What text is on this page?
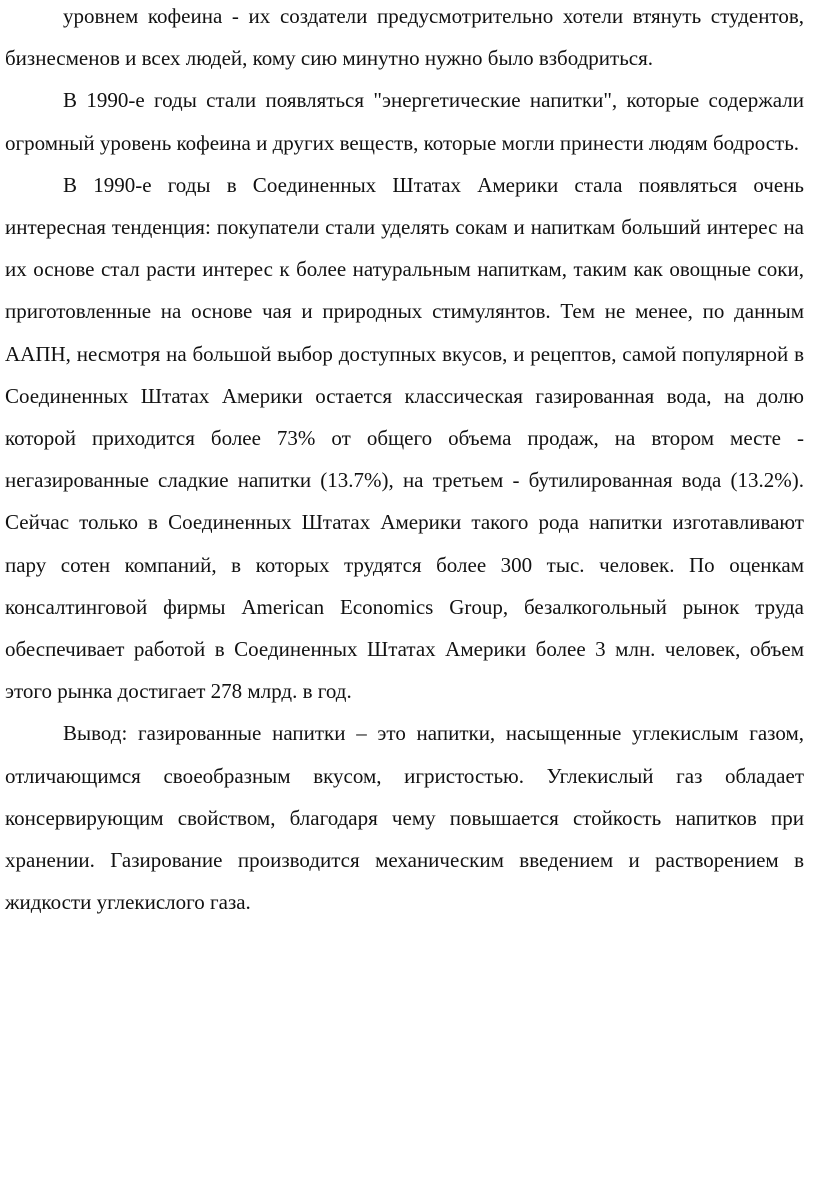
уровнем кофеина - их создатели предусмотрительно хотели втянуть студентов, бизнесменов и всех людей, кому сию минутно нужно было взбодриться.

В 1990-е годы стали появляться "энергетические напитки", которые содержали огромный уровень кофеина и других веществ, которые могли принести людям бодрость.

В 1990-е годы в Соединенных Штатах Америки стала появляться очень интересная тенденция: покупатели стали уделять сокам и напиткам больший интерес на их основе стал расти интерес к более натуральным напиткам, таким как овощные соки, приготовленные на основе чая и природных стимулянтов. Тем не менее, по данным ААПН, несмотря на большой выбор доступных вкусов, и рецептов, самой популярной в Соединенных Штатах Америки остается классическая газированная вода, на долю которой приходится более 73% от общего объема продаж, на втором месте - негазированные сладкие напитки (13.7%), на третьем - бутилированная вода (13.2%). Сейчас только в Соединенных Штатах Америки такого рода напитки изготавливают пару сотен компаний, в которых трудятся более 300 тыс. человек. По оценкам консалтинговой фирмы American Economics Group, безалкогольный рынок труда обеспечивает работой в Соединенных Штатах Америки более 3 млн. человек, объем этого рынка достигает 278 млрд. в год.

Вывод: газированные напитки – это напитки, насыщенные углекислым газом, отличающимся своеобразным вкусом, игристостью. Углекислый газ обладает консервирующим свойством, благодаря чему повышается стойкость напитков при хранении. Газирование производится механическим введением и растворением в жидкости углекислого газа.
